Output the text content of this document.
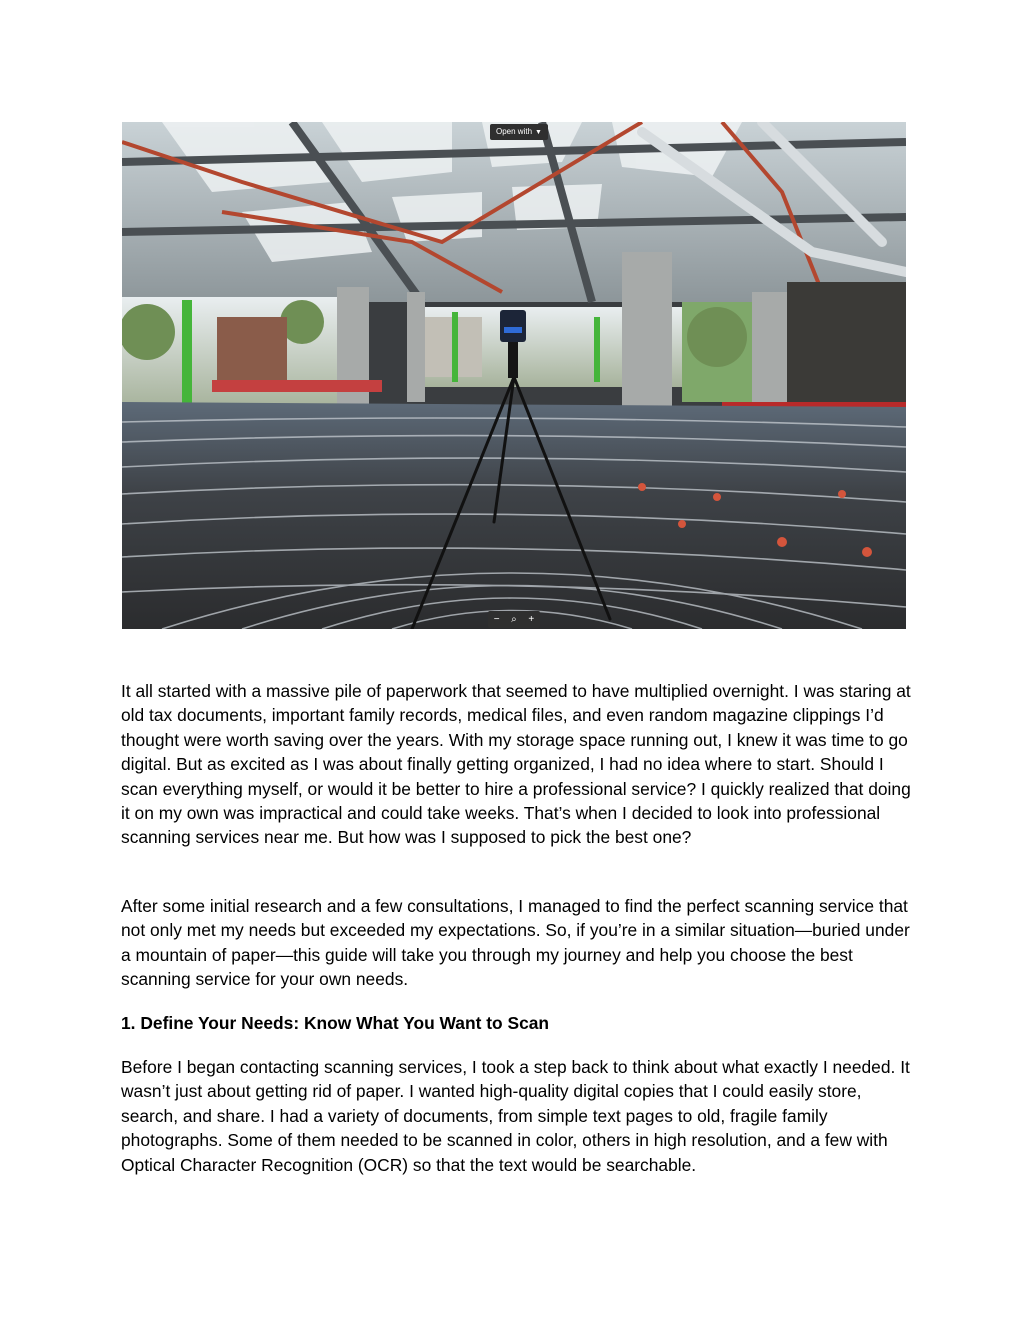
Open with ▼
−	⌕	+

It all started with a massive pile of paperwork that seemed to have multiplied overnight. I was staring at old tax documents, important family records, medical files, and even random magazine clippings I’d thought were worth saving over the years. With my storage space running out, I knew it was time to go digital. But as excited as I was about finally getting organized, I had no idea where to start. Should I scan everything myself, or would it be better to hire a professional service? I quickly realized that doing it on my own was impractical and could take weeks. That’s when I decided to look into professional scanning services near me. But how was I supposed to pick the best one?

After some initial research and a few consultations, I managed to find the perfect scanning service that not only met my needs but exceeded my expectations. So, if you’re in a similar situation—buried under a mountain of paper—this guide will take you through my journey and help you choose the best scanning service for your own needs.

1. Define Your Needs: Know What You Want to Scan

Before I began contacting scanning services, I took a step back to think about what exactly I needed. It wasn’t just about getting rid of paper. I wanted high-quality digital copies that I could easily store, search, and share. I had a variety of documents, from simple text pages to old, fragile family photographs. Some of them needed to be scanned in color, others in high resolution, and a few with Optical Character Recognition (OCR) so that the text would be searchable.
